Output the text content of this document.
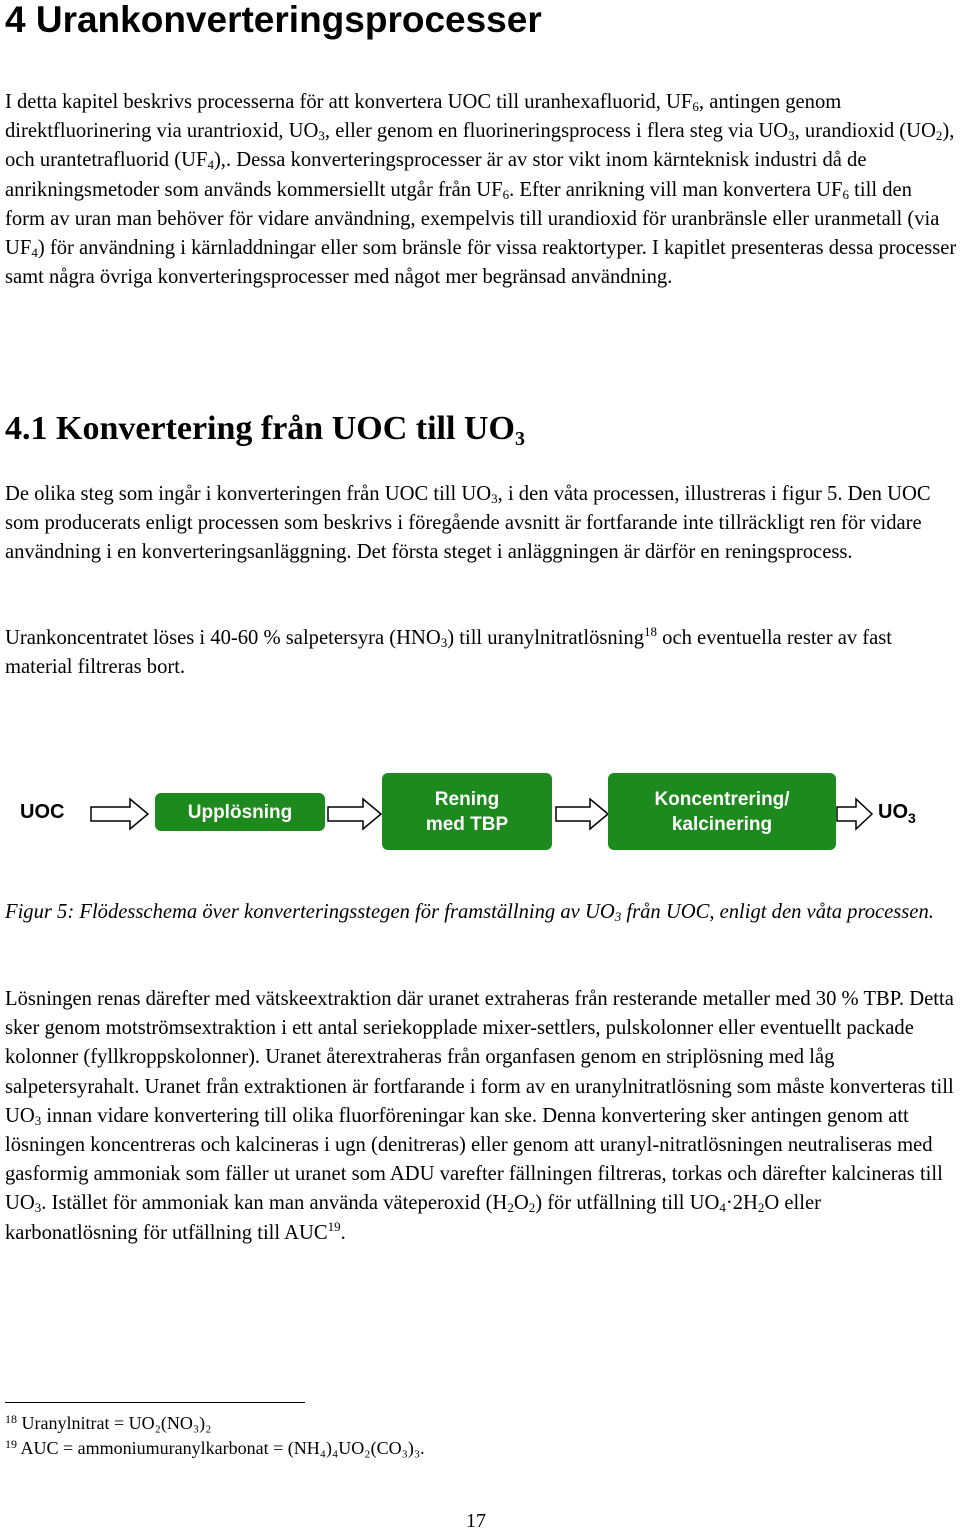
4 Urankonverteringsprocesser

I detta kapitel beskrivs processerna för att konvertera UOC till uranhexafluorid, $UF_6$, antingen genom direktfluorinering via urantrioxid, $UO_3$, eller genom en fluorineringsprocess i flera steg via $UO_3$, urandioxid $(UO_2)$, och urantetrafluorid $(UF_4)$,. Dessa konverteringsprocesser är av stor vikt inom kärnteknisk industri då de anrikningsmetoder som används kommersiellt utgår från $UF_6$. Efter anrikning vill man konvertera $UF_6$ till den form av uran man behöver för vidare användning, exempelvis till urandioxid för uranbränsle eller uranmetall (via $UF_4$) för användning i kärnladdningar eller som bränsle för vissa reaktortyper. I kapitlet presenteras dessa processer samt några övriga konverteringsprocesser med något mer begränsad användning.

4.1 Konvertering från UOC till $UO_3$

De olika steg som ingår i konverteringen från UOC till $UO_3$, i den våta processen, illustreras i figur 5. Den UOC som producerats enligt processen som beskrivs i föregående avsnitt är fortfarande inte tillräckligt ren för vidare användning i en konverteringsanläggning. Det första steget i anläggningen är därför en reningsprocess.

Urankoncentratet löses i 40-60 % salpetersyra $(HNO_3)$ till uranylnitratlösning$^{18}$ och eventuella rester av fast material filtreras bort.

UOC	Upplösning
Rening
med TBP
Koncentrering/
kalcinering
$UO_3$

Figur 5: Flödesschema över konverteringsstegen för framställning av $UO_3$ från UOC, enligt den våta processen.

Lösningen renas därefter med vätskeextraktion där uranet extraheras från resterande metaller med 30 % TBP. Detta sker genom motströmsextraktion i ett antal seriekopplade mixer-settlers, pulskolonner eller eventuellt packade kolonner (fyllkroppskolonner). Uranet återextraheras från organfasen genom en striplösning med låg salpetersyrahalt. Uranet från extraktionen är fortfarande i form av en uranylnitratlösning som måste konverteras till $UO_3$ innan vidare konvertering till olika fluorföreningar kan ske. Denna konvertering sker antingen genom att lösningen koncentreras och kalcineras i ugn (denitreras) eller genom att uranyl-nitratlösningen neutraliseras med gasformig ammoniak som fäller ut uranet som ADU varefter fällningen filtreras, torkas och därefter kalcineras till $UO_3$. Istället för ammoniak kan man använda väteperoxid $(H_2O_2)$ för utfällning till $UO_4\cdot 2H_2O$ eller karbonatlösning för utfällning till AUC$^{19}$.

$^{18}$ Uranylnitrat = UO₂(NO₃)₂

$^{19}$ AUC = ammoniumuranylkarbonat = (NH₄)₄UO₂(CO₃)₃.

17
